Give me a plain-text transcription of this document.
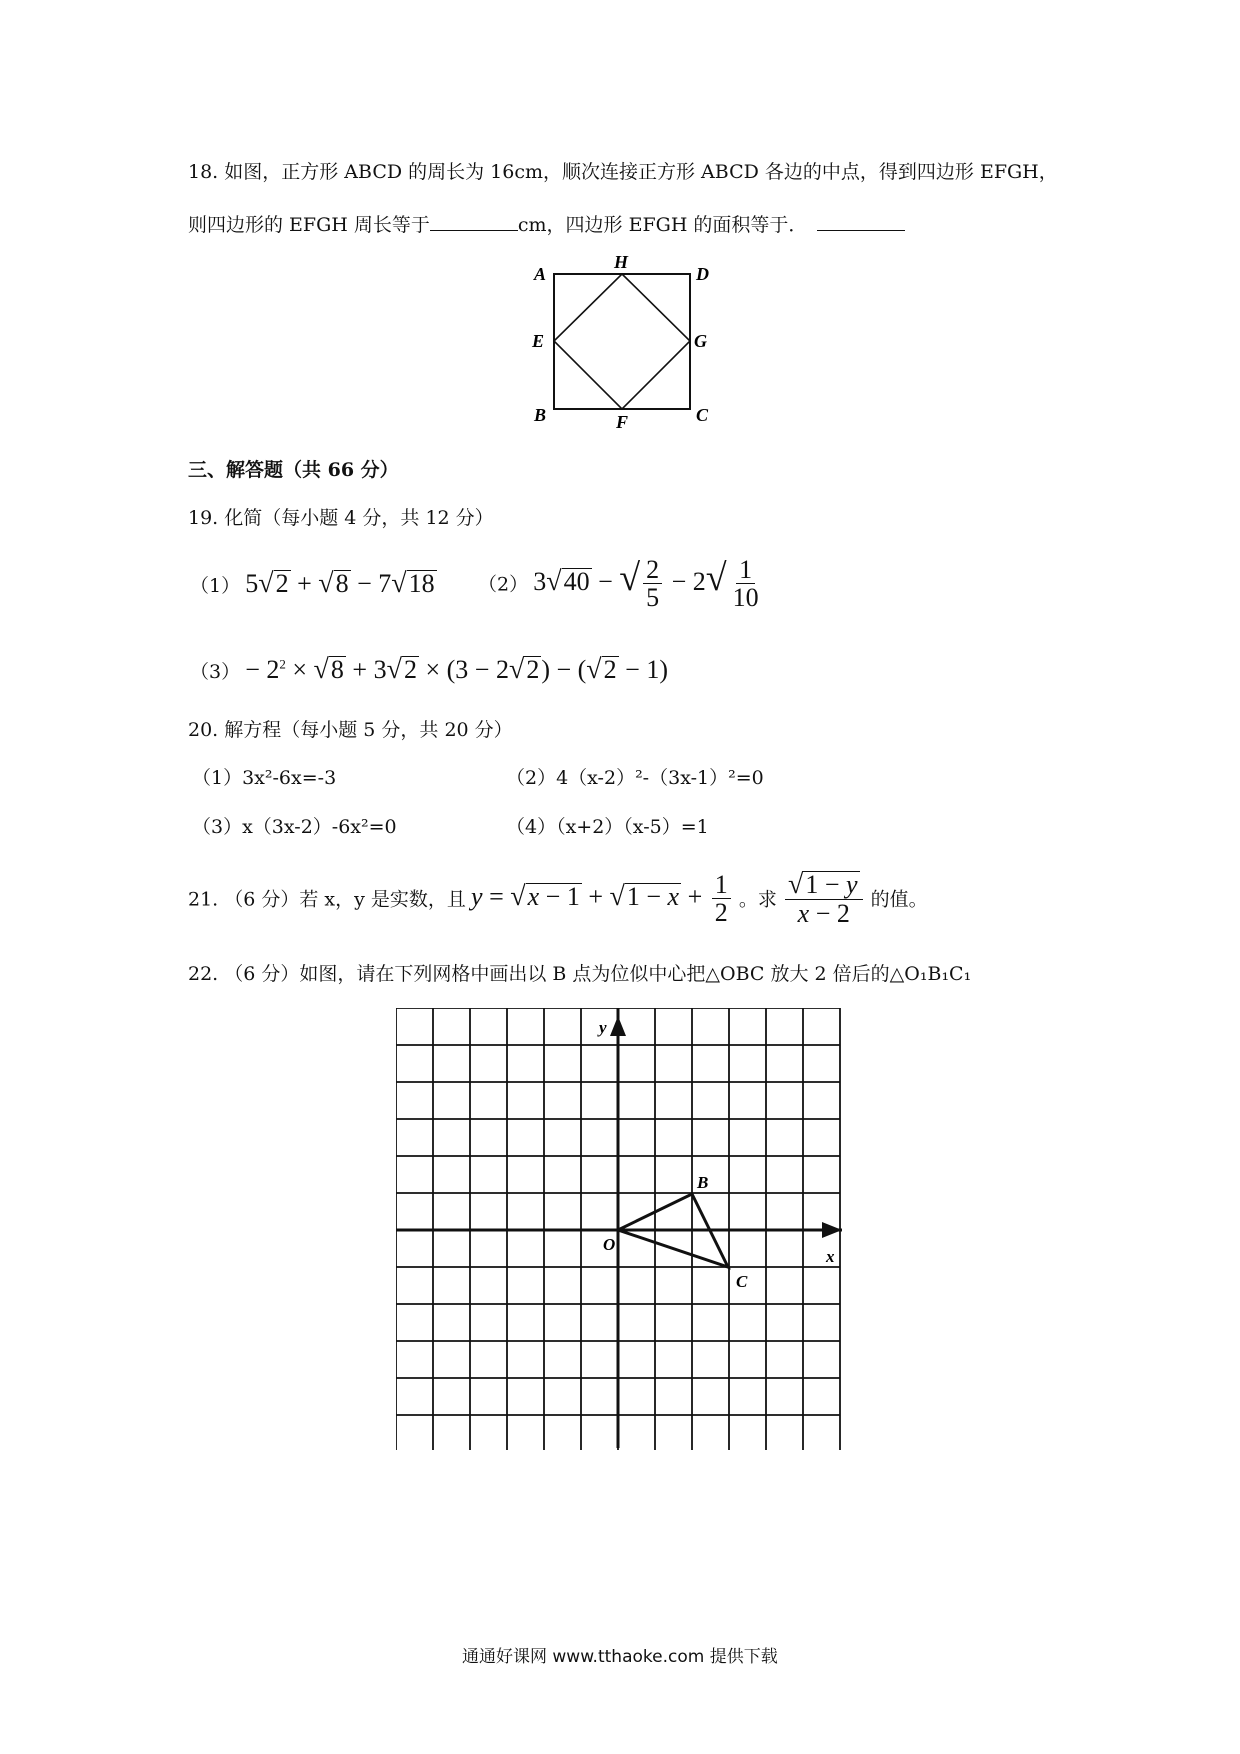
18. 如图，正方形 ABCD 的周长为 16cm，顺次连接正方形 ABCD 各边的中点，得到四边形 EFGH，
则四边形的 EFGH 周长等于	cm，四边形 EFGH 的面积等于．
A
H
D
E	G
B	F	C
三、解答题（共 66 分）
19. 化简（每小题 4 分，共 12 分）
（1） 5√2 + √8 − 7√18 （2） 3√40 − √ $\frac{2}{5} - 2√ \frac{1}{10}$
$(3) - 2^2 \times √8 + 3√2 \times (3 - 2√2) - (√2 - 1)$
20. 解方程（每小题 5 分，共 20 分）
（1）3x²-6x=-3	（2）4（x-2）²-（3x-1）²=0
（3）x（3x-2）-6x²=0	（4）（x+2）（x-5）=1
21. （6 分）若 x，y 是实数，且 $y = √x - 1 + √1 - x + \frac{1}{2}$ 。求 $\frac{√1 - y}{x - 2}$ 的值。
22. （6 分）如图，请在下列网格中画出以 B 点为位似中心把△OBC 放大 2 倍后的△O₁B₁C₁
y
x
O
B
C
通通好课网 www.tthaoke.com 提供下载
